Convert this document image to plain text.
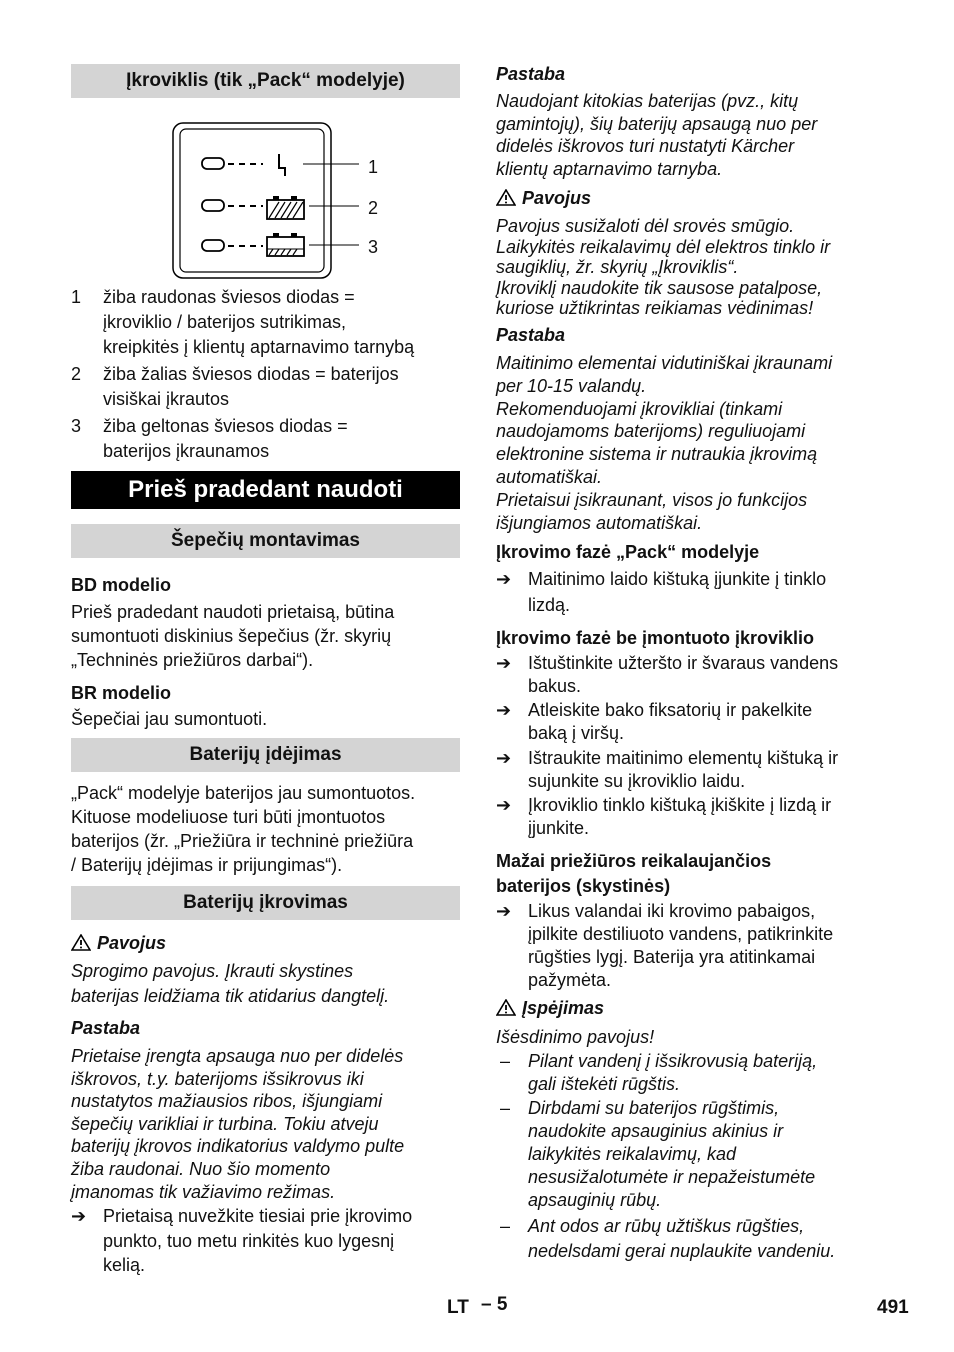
Įkroviklis (tik „Pack“ modelyje)
1
2
3
1 žiba raudonas šviesos diodas =
įkroviklio / baterijos sutrikimas,
kreipkitės į klientų aptarnavimo tarnybą
2 žiba žalias šviesos diodas = baterijos
visiškai įkrautos
3 žiba geltonas šviesos diodas =
baterijos įkraunamos
Prieš pradedant naudoti
Šepečių montavimas
BD modelio
Prieš pradedant naudoti prietaisą, būtina
sumontuoti diskinius šepečius (žr. skyrių
„Techninės priežiūros darbai“).
BR modelio
Šepečiai jau sumontuoti.
Baterijų įdėjimas
„Pack“ modelyje baterijos jau sumontuotos.
Kituose modeliuose turi būti įmontuotos
baterijos (žr. „Priežiūra ir techninė priežiūra
/ Baterijų įdėjimas ir prijungimas“).
Baterijų įkrovimas
Pavojus
Sprogimo pavojus. Įkrauti skystines
baterijas leidžiama tik atidarius dangtelį.
Pastaba
Prietaise įrengta apsauga nuo per didelės
iškrovos, t.y. baterijoms išsikrovus iki
nustatytos mažiausios ribos, išjungiami
šepečių varikliai ir turbina. Tokiu atveju
baterijų įkrovos indikatorius valdymo pulte
žiba raudonai. Nuo šio momento
įmanomas tik važiavimo režimas.
➔ Prietaisą nuvežkite tiesiai prie įkrovimo
punkto, tuo metu rinkitės kuo lygesnį
kelią.
Pastaba
Naudojant kitokias baterijas (pvz., kitų
gamintojų), šių baterijų apsaugą nuo per
didelės iškrovos turi nustatyti Kärcher
klientų aptarnavimo tarnyba.
Pavojus
Pavojus susižaloti dėl srovės smūgio.
Laikykitės reikalavimų dėl elektros tinklo ir
saugiklių, žr. skyrių „Įkroviklis“.
Įkroviklį naudokite tik sausose patalpose,
kuriose užtikrintas reikiamas vėdinimas!
Pastaba
Maitinimo elementai vidutiniškai įkraunami
per 10-15 valandų.
Rekomenduojami įkrovikliai (tinkami
naudojamoms baterijoms) reguliuojami
elektronine sistema ir nutraukia įkrovimą
automatiškai.
Prietaisui įsikraunant, visos jo funkcijos
išjungiamos automatiškai.
Įkrovimo fazė „Pack“ modelyje
➔ Maitinimo laido kištuką įjunkite į tinklo
lizdą.
Įkrovimo fazė be įmontuoto įkroviklio
➔ Ištuštinkite užteršto ir švaraus vandens
bakus.
➔ Atleiskite bako fiksatorių ir pakelkite
baką į viršų.
➔ Ištraukite maitinimo elementų kištuką ir
sujunkite su įkroviklio laidu.
➔ Įkroviklio tinklo kištuką įkiškite į lizdą ir
įjunkite.
Mažai priežiūros reikalaujančios
baterijos (skystinės)
➔ Likus valandai iki krovimo pabaigos,
įpilkite destiliuoto vandens, patikrinkite
rūgšties lygį. Baterija yra atitinkamai
pažymėta.
Įspėjimas
Išėsdinimo pavojus!
– Pilant vandenį į išsikrovusią bateriją,
gali ištekėti rūgštis.
– Dirbdami su baterijos rūgštimis,
naudokite apsauginius akinius ir
laikykitės reikalavimų, kad
nesusižalotumėte ir nepažeistumėte
apsauginių rūbų.
– Ant odos ar rūbų užtiškus rūgšties,
nedelsdami gerai nuplaukite vandeniu.
LT – 5	491
